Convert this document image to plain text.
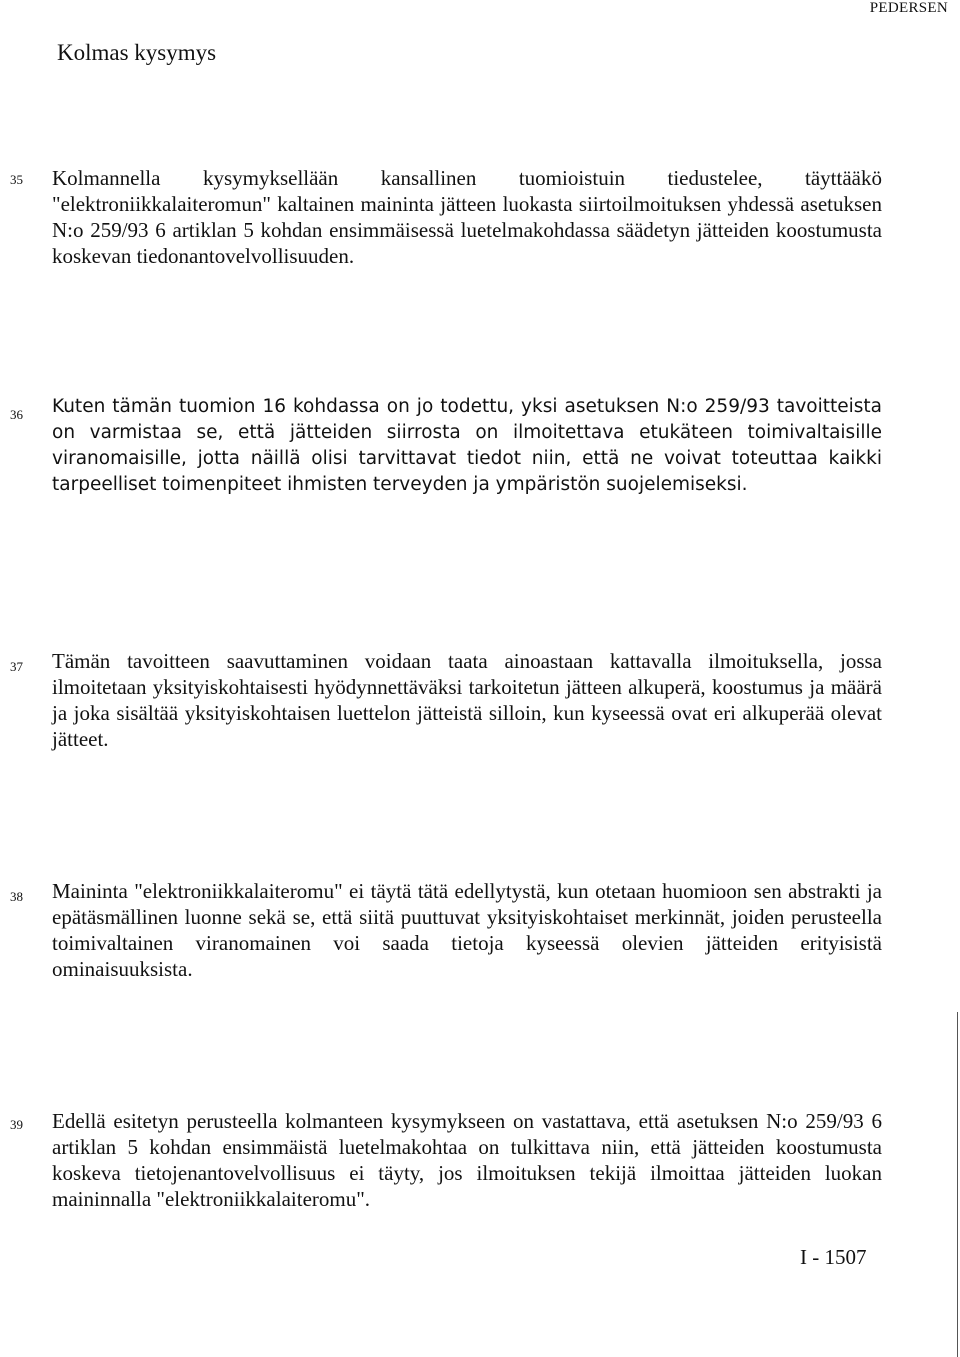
PEDERSEN
Kolmas kysymys
35 Kolmannella kysymyksellään kansallinen tuomioistuin tiedustelee, täyttääkö "elektroniikkalaiteromun" kaltainen maininta jätteen luokasta siirtoilmoituksen yhdessä asetuksen N:o 259/93 6 artiklan 5 kohdan ensimmäisessä luetelmakohdassa säädetyn jätteiden koostumusta koskevan tiedonantovelvollisuuden.

36 Kuten tämän tuomion 16 kohdassa on jo todettu, yksi asetuksen N:o 259/93 tavoitteista on varmistaa se, että jätteiden siirrosta on ilmoitettava etukäteen toimivaltaisille viranomaisille, jotta näillä olisi tarvittavat tiedot niin, että ne voivat toteuttaa kaikki tarpeelliset toimenpiteet ihmisten terveyden ja ympäristön suojelemiseksi.

37 Tämän tavoitteen saavuttaminen voidaan taata ainoastaan kattavalla ilmoituksella, jossa ilmoitetaan yksityiskohtaisesti hyödynnettäväksi tarkoitetun jätteen alkuperä, koostumus ja määrä ja joka sisältää yksityiskohtaisen luettelon jätteistä silloin, kun kyseessä ovat eri alkuperää olevat jätteet.

38 Maininta "elektroniikkalaiteromu" ei täytä tätä edellytystä, kun otetaan huomioon sen abstrakti ja epätäsmällinen luonne sekä se, että siitä puuttuvat yksityiskohtaiset merkinnät, joiden perusteella toimivaltainen viranomainen voi saada tietoja kyseessä olevien jätteiden erityisistä ominaisuuksista.

39 Edellä esitetyn perusteella kolmanteen kysymykseen on vastattava, että asetuksen N:o 259/93 6 artiklan 5 kohdan ensimmäistä luetelmakohtaa on tulkittava niin, että jätteiden koostumusta koskeva tietojenantovelvollisuus ei täyty, jos ilmoituksen tekijä ilmoittaa jätteiden luokan maininnalla "elektroniikkalaiteromu".

I - 1507
